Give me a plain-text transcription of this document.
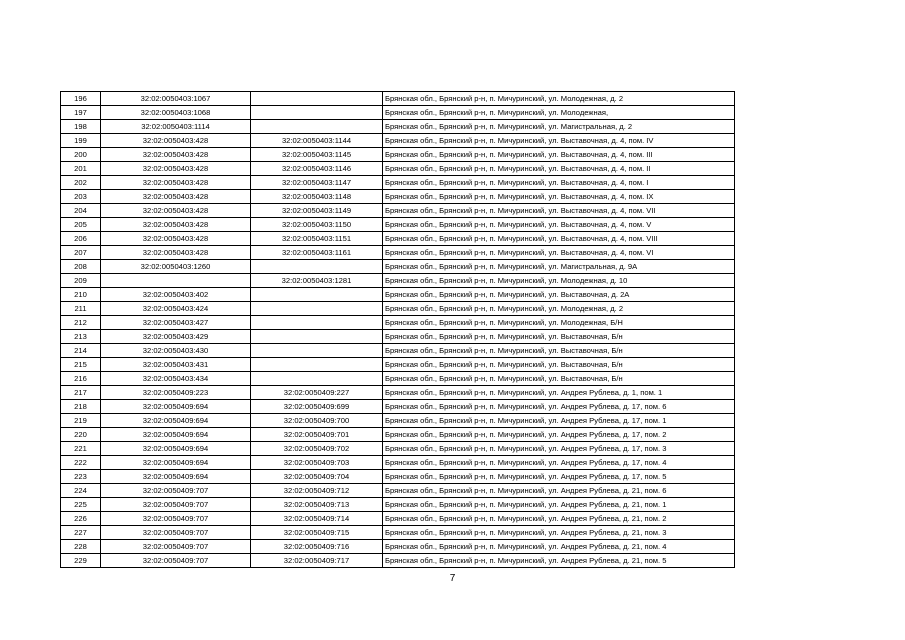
196	32:02:0050403:1067		Брянская обл., Брянский р-н, п. Мичуринский, ул. Молодежная, д. 2
197	32:02:0050403:1068		Брянская обл., Брянский р-н, п. Мичуринский, ул. Молодежная,
198	32:02:0050403:1114		Брянская обл., Брянский р-н, п. Мичуринский, ул. Магистральная, д. 2
199	32:02:0050403:428	32:02:0050403:1144	Брянская обл., Брянский р-н, п. Мичуринский, ул. Выставочная, д. 4, пом. IV
200	32:02:0050403:428	32:02:0050403:1145	Брянская обл., Брянский р-н, п. Мичуринский, ул. Выставочная, д. 4, пом. III
201	32:02:0050403:428	32:02:0050403:1146	Брянская обл., Брянский р-н, п. Мичуринский, ул. Выставочная, д. 4, пом. II
202	32:02:0050403:428	32:02:0050403:1147	Брянская обл., Брянский р-н, п. Мичуринский, ул. Выставочная, д. 4, пом. I
203	32:02:0050403:428	32:02:0050403:1148	Брянская обл., Брянский р-н, п. Мичуринский, ул. Выставочная, д. 4, пом. IX
204	32:02:0050403:428	32:02:0050403:1149	Брянская обл., Брянский р-н, п. Мичуринский, ул. Выставочная, д. 4, пом. VII
205	32:02:0050403:428	32:02:0050403:1150	Брянская обл., Брянский р-н, п. Мичуринский, ул. Выставочная, д. 4, пом. V
206	32:02:0050403:428	32:02:0050403:1151	Брянская обл., Брянский р-н, п. Мичуринский, ул. Выставочная, д. 4, пом. VIII
207	32:02:0050403:428	32:02:0050403:1161	Брянская обл., Брянский р-н, п. Мичуринский, ул. Выставочная, д. 4, пом. VI
208	32:02:0050403:1260		Брянская обл., Брянский р-н, п. Мичуринский, ул. Магистральная, д. 9А
209		32:02:0050403:1281	Брянская обл., Брянский р-н, п. Мичуринский, ул. Молодежная, д. 10
210	32:02:0050403:402		Брянская обл., Брянский р-н, п. Мичуринский, ул. Выставочная, д. 2А
211	32:02:0050403:424		Брянская обл., Брянский р-н, п. Мичуринский, ул. Молодежная, д. 2
212	32:02:0050403:427		Брянская обл., Брянский р-н, п. Мичуринский, ул. Молодежная, Б/Н
213	32:02:0050403:429		Брянская обл., Брянский р-н, п. Мичуринский, ул. Выставочная, Б/н
214	32:02:0050403:430		Брянская обл., Брянский р-н, п. Мичуринский, ул. Выставочная, Б/н
215	32:02:0050403:431		Брянская обл., Брянский р-н, п. Мичуринский, ул. Выставочная, Б/н
216	32:02:0050403:434		Брянская обл., Брянский р-н, п. Мичуринский, ул. Выставочная, Б/н
217	32:02:0050409:223	32:02:0050409:227	Брянская обл., Брянский р-н, п. Мичуринский, ул. Андрея Рублева, д. 1, пом. 1
218	32:02:0050409:694	32:02:0050409:699	Брянская обл., Брянский р-н, п. Мичуринский, ул. Андрея Рублева, д. 17, пом. 6
219	32:02:0050409:694	32:02:0050409:700	Брянская обл., Брянский р-н, п. Мичуринский, ул. Андрея Рублева, д. 17, пом. 1
220	32:02:0050409:694	32:02:0050409:701	Брянская обл., Брянский р-н, п. Мичуринский, ул. Андрея Рублева, д. 17, пом. 2
221	32:02:0050409:694	32:02:0050409:702	Брянская обл., Брянский р-н, п. Мичуринский, ул. Андрея Рублева, д. 17, пом. 3
222	32:02:0050409:694	32:02:0050409:703	Брянская обл., Брянский р-н, п. Мичуринский, ул. Андрея Рублева, д. 17, пом. 4
223	32:02:0050409:694	32:02:0050409:704	Брянская обл., Брянский р-н, п. Мичуринский, ул. Андрея Рублева, д. 17, пом. 5
224	32:02:0050409:707	32:02:0050409:712	Брянская обл., Брянский р-н, п. Мичуринский, ул. Андрея Рублева, д. 21, пом. 6
225	32:02:0050409:707	32:02:0050409:713	Брянская обл., Брянский р-н, п. Мичуринский, ул. Андрея Рублева, д. 21, пом. 1
226	32:02:0050409:707	32:02:0050409:714	Брянская обл., Брянский р-н, п. Мичуринский, ул. Андрея Рублева, д. 21, пом. 2
227	32:02:0050409:707	32:02:0050409:715	Брянская обл., Брянский р-н, п. Мичуринский, ул. Андрея Рублева, д. 21, пом. 3
228	32:02:0050409:707	32:02:0050409:716	Брянская обл., Брянский р-н, п. Мичуринский, ул. Андрея Рублева, д. 21, пом. 4
229	32:02:0050409:707	32:02:0050409:717	Брянская обл., Брянский р-н, п. Мичуринский, ул. Андрея Рублева, д. 21, пом. 5
7
